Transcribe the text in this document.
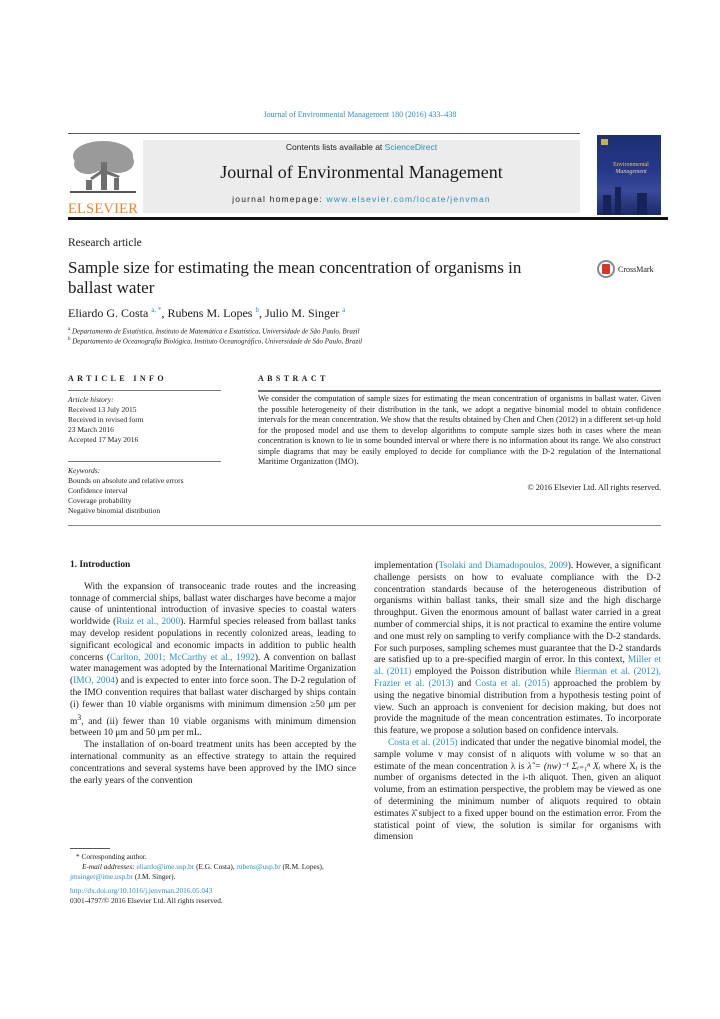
Journal of Environmental Management 180 (2016) 433–438
ELSEVIER
Contents lists available at ScienceDirect
Journal of Environmental Management
journal homepage: www.elsevier.com/locate/jenvman
Environmental
Management
Research article
Sample size for estimating the mean concentration of organisms in ballast water
CrossMark
Eliardo G. Costa $^{a, *}$, Rubens M. Lopes $^b$, Julio M. Singer $^a$
$^a$ Departamento de Estatística, Instituto de Matemática e Estatística, Universidade de São Paulo, Brazil
$^b$ Departamento de Oceanografia Biológica, Instituto Oceanográfico, Universidade de São Paulo, Brazil
ARTICLE INFO
Article history:
Received 13 July 2015
Received in revised form
23 March 2016
Accepted 17 May 2016
Keywords:
Bounds on absolute and relative errors
Confidence interval
Coverage probability
Negative binomial distribution
ABSTRACT
We consider the computation of sample sizes for estimating the mean concentration of organisms in ballast water. Given the possible heterogeneity of their distribution in the tank, we adopt a negative binomial model to obtain confidence intervals for the mean concentration. We show that the results obtained by Chen and Chen (2012) in a different set-up hold for the proposed model and use them to develop algorithms to compute sample sizes both in cases where the mean concentration is known to lie in some bounded interval or where there is no information about its range. We also construct simple diagrams that may be easily employed to decide for compliance with the D-2 regulation of the International Maritime Organization (IMO).
© 2016 Elsevier Ltd. All rights reserved.
1. Introduction

With the expansion of transoceanic trade routes and the increasing tonnage of commercial ships, ballast water discharges have become a major cause of unintentional introduction of invasive species to coastal waters worldwide (Ruiz et al., 2000). Harmful species released from ballast tanks may develop resident populations in recently colonized areas, leading to significant ecological and economic impacts in addition to public health concerns (Carlton, 2001; McCarthy et al., 1992). A convention on ballast water management was adopted by the International Maritime Organization (IMO, 2004) and is expected to enter into force soon. The D-2 regulation of the IMO convention requires that ballast water discharged by ships contain (i) fewer than 10 viable organisms with minimum dimension ≥50 μm per $m^3$, and (ii) fewer than 10 viable organisms with minimum dimension between 10 μm and 50 μm per mL.

The installation of on-board treatment units has been accepted by the international community as an effective strategy to attain the required concentrations and several systems have been approved by the IMO since the early years of the convention

implementation (Tsolaki and Diamadopoulos, 2009). However, a significant challenge persists on how to evaluate compliance with the D-2 concentration standards because of the heterogeneous distribution of organisms within ballast tanks, their small size and the high discharge throughput. Given the enormous amount of ballast water carried in a great number of commercial ships, it is not practical to examine the entire volume and one must rely on sampling to verify compliance with the D-2 standards. For such purposes, sampling schemes must guarantee that the D-2 standards are satisfied up to a pre-specified margin of error. In this context, Miller et al. (2011) employed the Poisson distribution while Bierman et al. (2012), Frazier et al. (2013) and Costa et al. (2015) approached the problem by using the negative binomial distribution from a hypothesis testing point of view. Such an approach is convenient for decision making, but does not provide the magnitude of the mean concentration estimates. To incorporate this feature, we propose a solution based on confidence intervals.

Costa et al. (2015) indicated that under the negative binomial model, the sample volume v may consist of n aliquots with volume w so that an estimate of the mean concentration λ is λ̂ = (nw)⁻¹ Σᵢ₌₁ⁿ Xᵢ where Xᵢ is the number of organisms detected in the i-th aliquot. Then, given an aliquot volume, from an estimation perspective, the problem may be viewed as one of determining the minimum number of aliquots required to obtain estimates λ̂ subject to a fixed upper bound on the estimation error. From the statistical point of view, the solution is similar for organisms with dimension

* Corresponding author.
E-mail addresses: eliardo@ime.usp.br (E.G. Costa), rubens@usp.br (R.M. Lopes), jmsinger@ime.usp.br (J.M. Singer).
http://dx.doi.org/10.1016/j.jenvman.2016.05.043
0301-4797/© 2016 Elsevier Ltd. All rights reserved.
